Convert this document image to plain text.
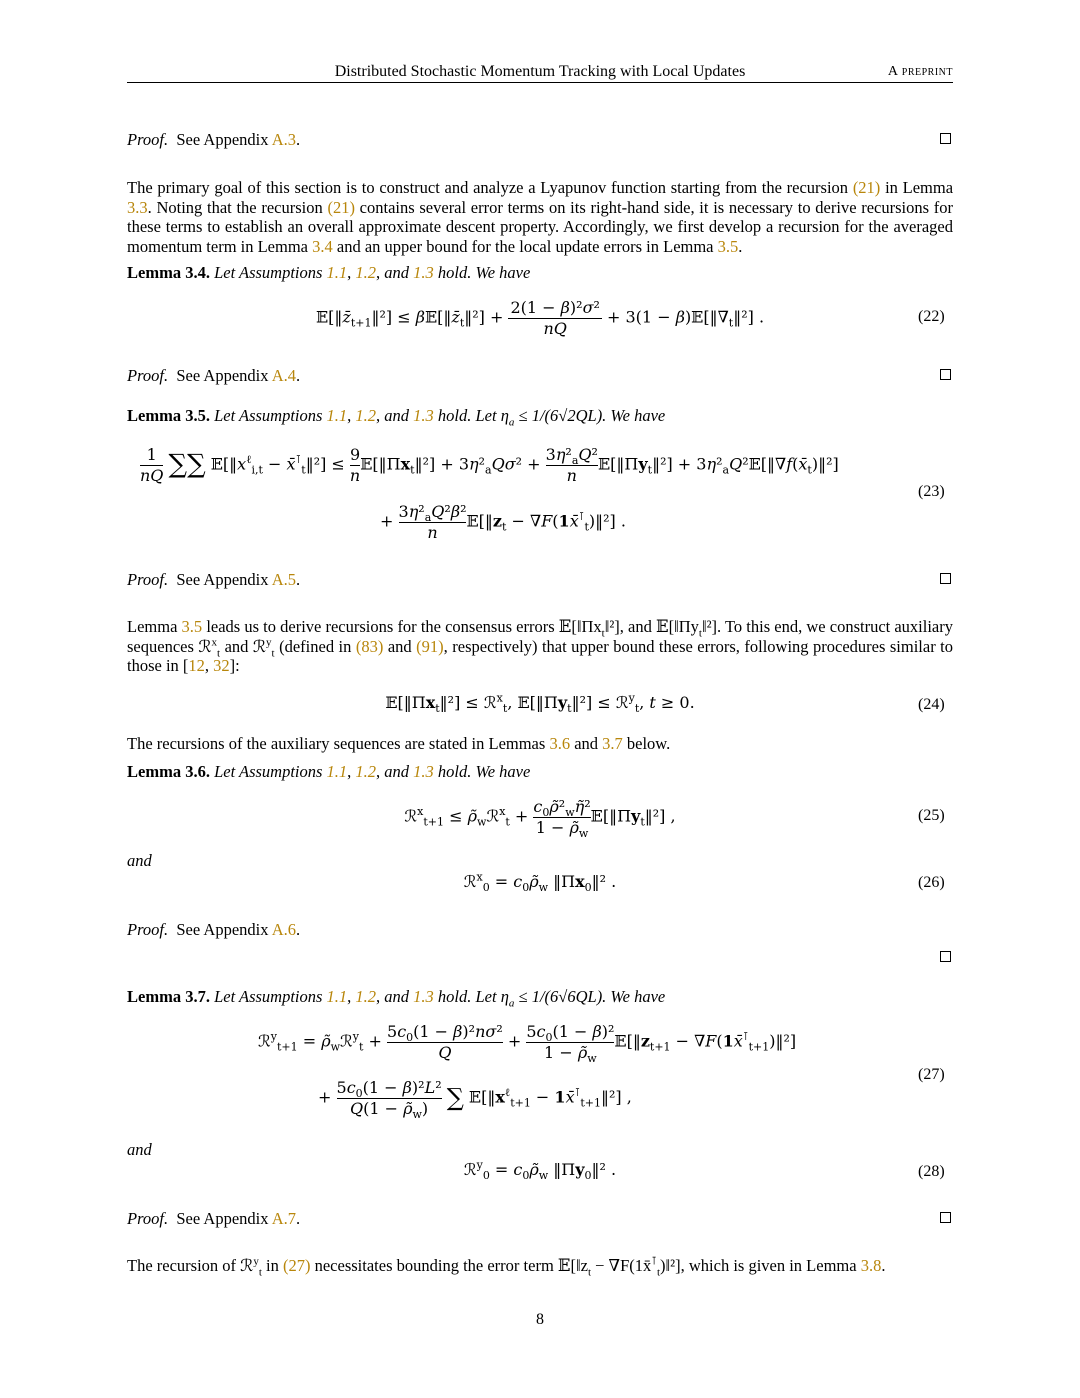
Distributed Stochastic Momentum Tracking with Local Updates	A preprint
Proof. See Appendix A.3.
The primary goal of this section is to construct and analyze a Lyapunov function starting from the recursion (21) in Lemma 3.3. Noting that the recursion (21) contains several error terms on its right-hand side, it is necessary to derive recursions for these terms to establish an overall approximate descent property. Accordingly, we first develop a recursion for the averaged momentum term in Lemma 3.4 and an upper bound for the local update errors in Lemma 3.5.
Lemma 3.4. Let Assumptions 1.1, 1.2, and 1.3 hold. We have
$𝔼[‖z̄_{t+1}‖^2]$ ≤ $\beta 𝔼[‖z̄_t‖^2] + \frac{\text{2(1 − β)²σ²}}{nQ} + 3(1$ − $\beta)𝔼[‖\nablā_t‖^2]$ .	(22)
Proof. See Appendix A.4.
Lemma 3.5. Let Assumptions 1.1, 1.2, and 1.3 hold. Let $\eta_a \le 1/(6√2QL)$. We have
$\frac{1}{nQ}$ ∑∑ $𝔼[‖x^\ell_{i,t}$ − $x̄^⊺_t‖^2] \le \frac{9}{n}$ $𝔼[‖\Pi x_t‖^2] + 3\eta^2_aQ\sigma^2 + \frac{3\eta^2_aQ^2}{n}$ $𝔼[‖\Pi y_t‖^2]$ + $3\eta^2_aQ^2𝔼[‖\nabla f(x̄_t)‖^2]$
+ $\frac{3\eta^2_aQ^2\beta^2}{n}$ $𝔼[‖z_t$ − $\nabla F(1x̄^⊺_t)‖^2$] .
(23)
Proof. See Appendix A.5.
Lemma 3.5 leads us to derive recursions for the consensus errors $𝔼[‖\Pi x_t‖^2]$, and $𝔼[‖\Pi y_t‖^2]$. To this end, we construct auxiliary sequences ℛ$^x_t$ and ℛ$^y_t$ (defined in (83) and (91), respectively) that upper bound these errors, following procedures similar to those in [12, 32]:
$𝔼[‖\Pi x_t‖^2]$ ≤ ℛ$^x_t$, $𝔼[‖\Pi y_t‖^2]$ ≤ ℛ$^y_t$, t ≥ 0.	(24)
The recursions of the auxiliary sequences are stated in Lemmas 3.6 and 3.7 below.
Lemma 3.6. Let Assumptions 1.1, 1.2, and 1.3 hold. We have
ℛ$^x_{t+1}$ ≤ $\rhõ_wℛ^x_t + \frac{c_0\rhõ^2_w\etã^2}{1 - \rhõ_w}$ $𝔼[‖\Pi y_t‖^2]$ ,	(25)
and
ℛ$^x_0$ = $c_0\rhõ_w$ $‖\Pi x_0‖^2$ .	(26)
Proof. See Appendix A.6.
Lemma 3.7. Let Assumptions 1.1, 1.2, and 1.3 hold. Let $\eta_a \le 1/(6√6QL)$. We have
ℛ$^y_{t+1}$ = $\rhõ_wℛ^y_t + \frac{5c_0(1 - \beta)^2n\sigma^2}{Q} + \frac{5c_0(1 - \beta)^2}{1 - \rhõ_w}$ $𝔼[‖z_{t+1}$ − $\nabla F(1x̄^⊺_{t+1})‖^2$]
+ $\frac{5c_0(1 - \beta)^2L^2}{Q(1 - \rhõ_w)}$ ∑ $𝔼[‖x^\ell_{t+1}$ − $1x̄^⊺_{t+1}‖^2$] ,
(27)
and
ℛ$^y_0$ = $c_0\rhõ_w$ $‖\Pi y_0‖^2$ .	(28)
Proof. See Appendix A.7.
The recursion of ℛ$^y_t$ in (27) necessitates bounding the error term $𝔼[‖z_t$ − $\nabla F(1x̄^⊺_t)‖^2$], which is given in Lemma 3.8.
8
